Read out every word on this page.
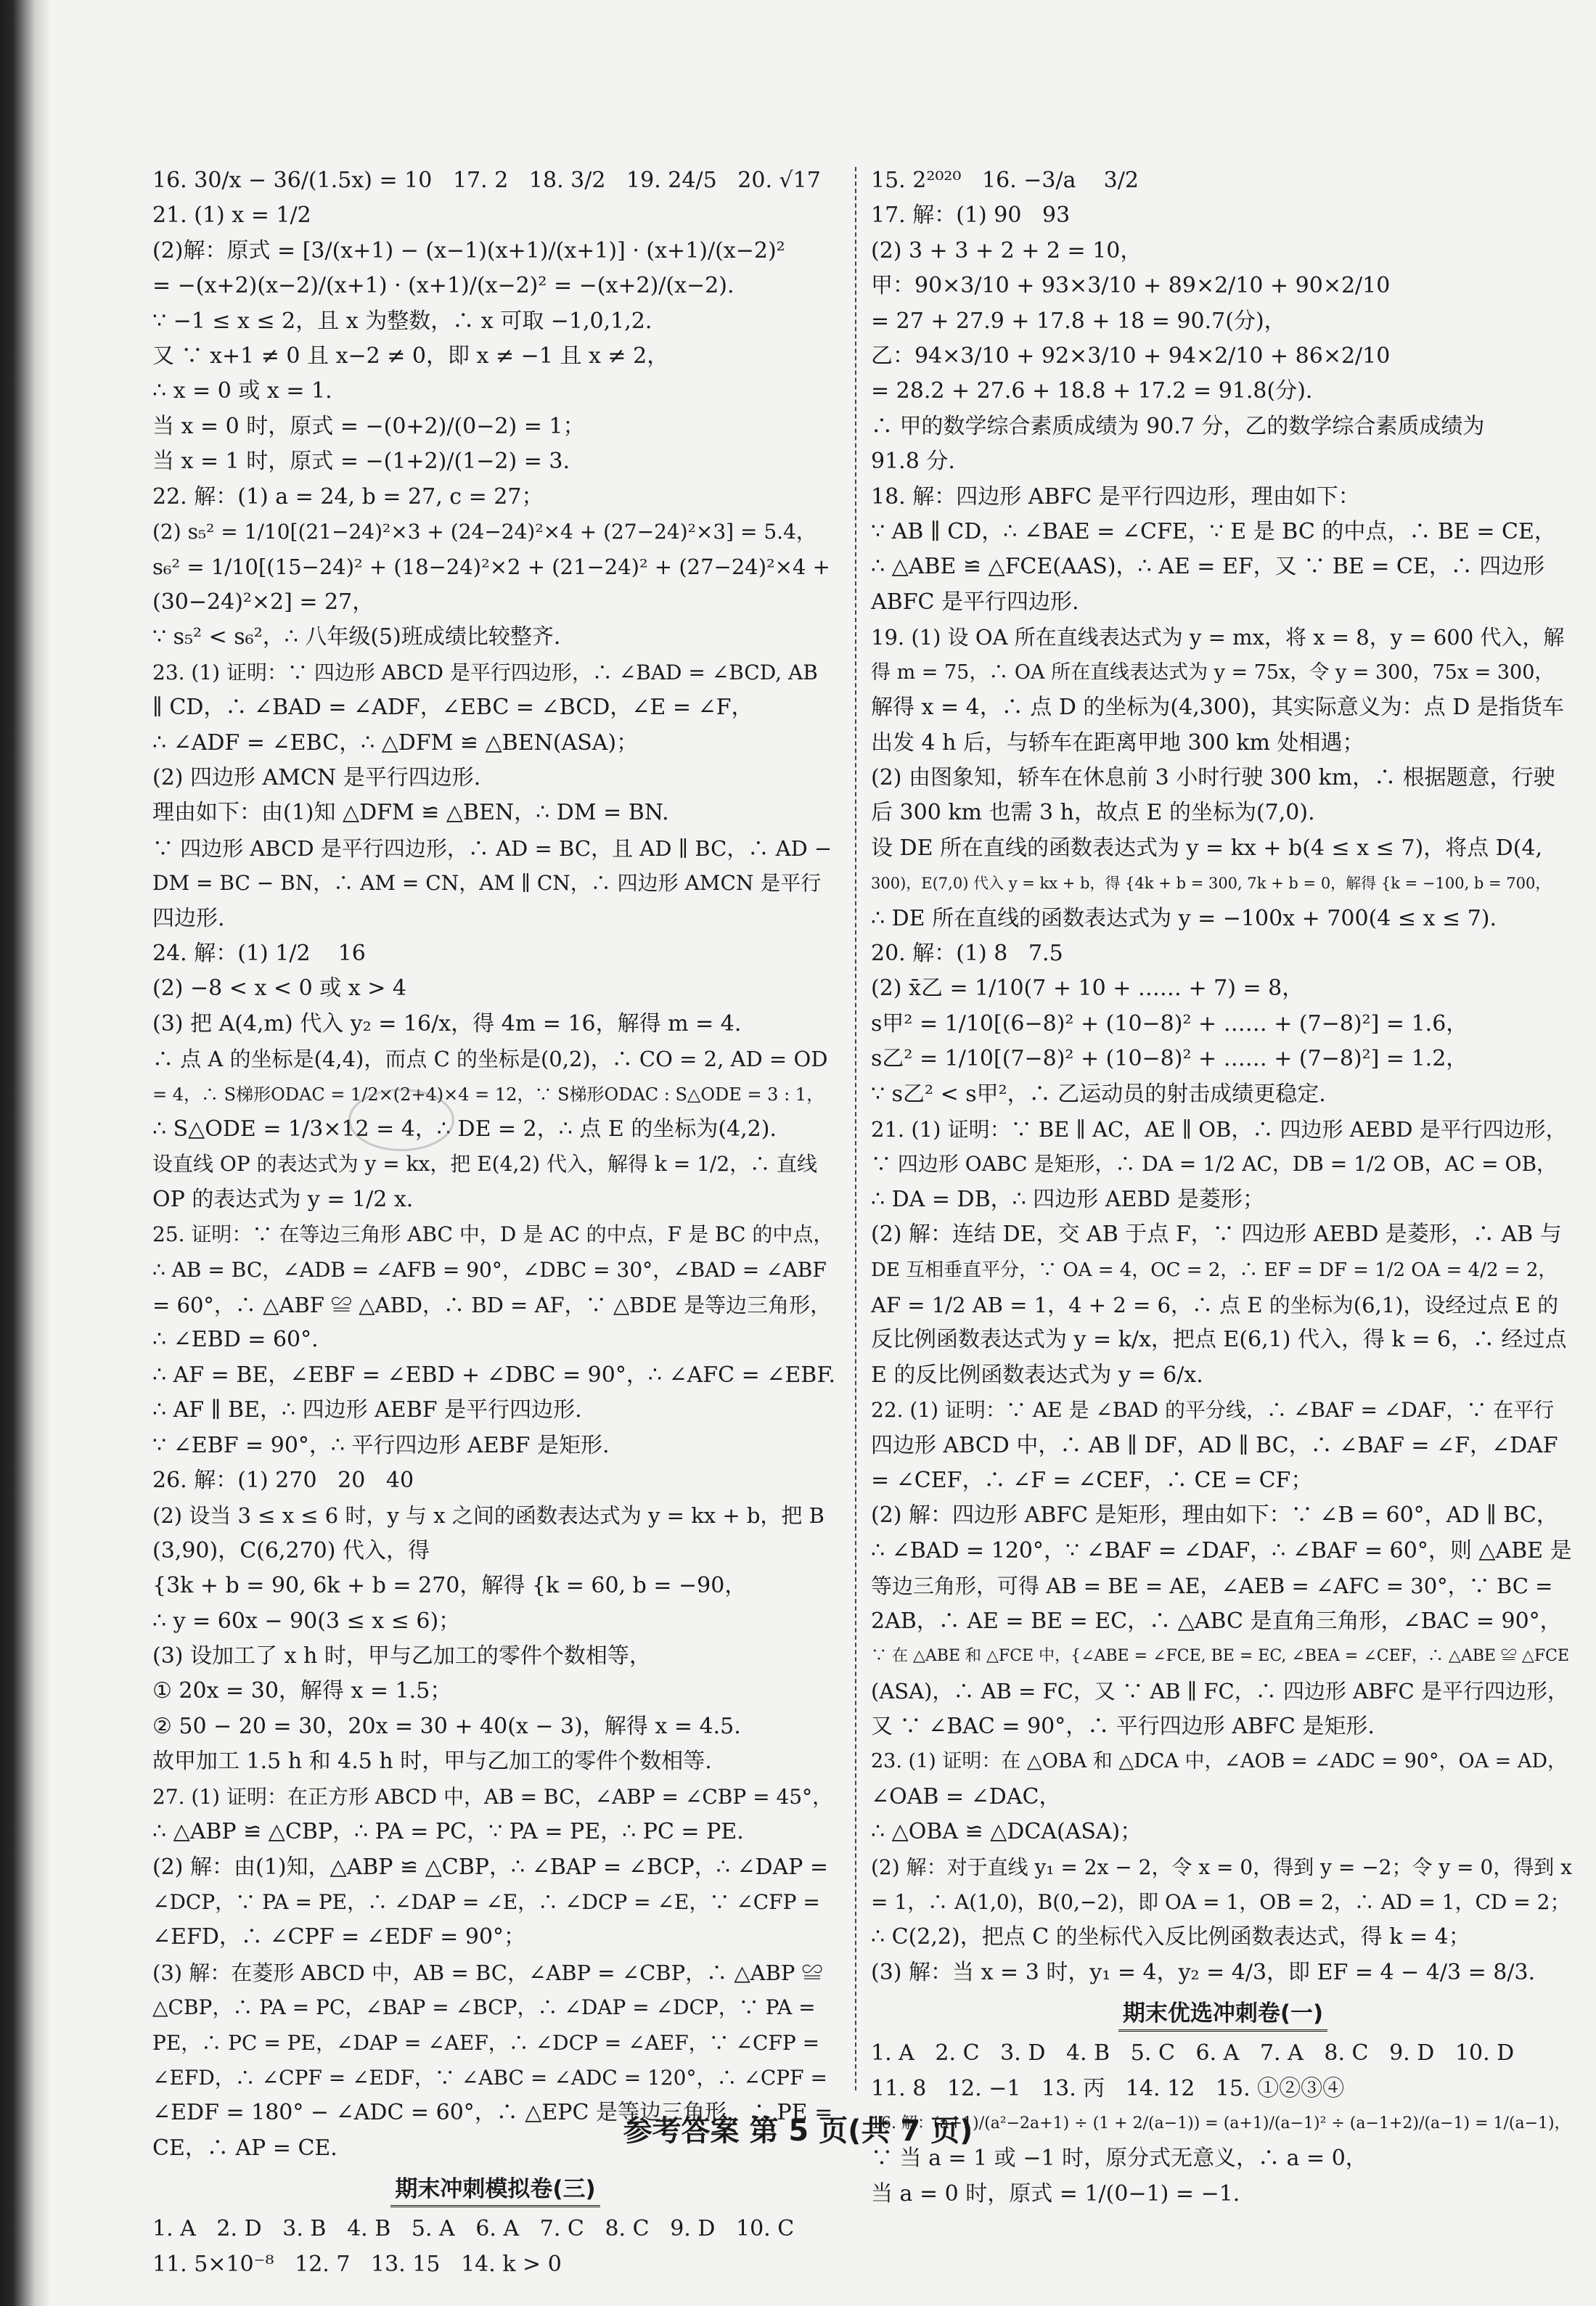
16. 30/x − 36/(1.5x) = 10   17. 2   18. 3/2   19. 24/5   20. √17
21. (1) x = 1/2
(2)解：原式 = [3/(x+1) − (x−1)(x+1)/(x+1)] · (x+1)/(x−2)²
= −(x+2)(x−2)/(x+1) · (x+1)/(x−2)² = −(x+2)/(x−2).
∵ −1 ≤ x ≤ 2，且 x 为整数，∴ x 可取 −1,0,1,2.
又 ∵ x+1 ≠ 0 且 x−2 ≠ 0，即 x ≠ −1 且 x ≠ 2，
∴ x = 0 或 x = 1.
当 x = 0 时，原式 = −(0+2)/(0−2) = 1；
当 x = 1 时，原式 = −(1+2)/(1−2) = 3.
22. 解：(1) a = 24, b = 27, c = 27；
(2) s₅² = 1/10[(21−24)²×3 + (24−24)²×4 + (27−24)²×3] = 5.4，
s₆² = 1/10[(15−24)² + (18−24)²×2 + (21−24)² + (27−24)²×4 +
(30−24)²×2] = 27，
∵ s₅² < s₆²，∴ 八年级(5)班成绩比较整齐.
23. (1) 证明：∵ 四边形 ABCD 是平行四边形，∴ ∠BAD = ∠BCD, AB
∥ CD，∴ ∠BAD = ∠ADF，∠EBC = ∠BCD，∠E = ∠F，
∴ ∠ADF = ∠EBC，∴ △DFM ≌ △BEN(ASA)；
(2) 四边形 AMCN 是平行四边形.
理由如下：由(1)知 △DFM ≌ △BEN，∴ DM = BN.
∵ 四边形 ABCD 是平行四边形，∴ AD = BC，且 AD ∥ BC，∴ AD −
DM = BC − BN，∴ AM = CN，AM ∥ CN，∴ 四边形 AMCN 是平行
四边形.
24. 解：(1) 1/2    16
(2) −8 < x < 0 或 x > 4
(3) 把 A(4,m) 代入 y₂ = 16/x，得 4m = 16，解得 m = 4.
∴ 点 A 的坐标是(4,4)，而点 C 的坐标是(0,2)，∴ CO = 2, AD = OD
= 4，∴ S梯形ODAC = 1/2×(2+4)×4 = 12，∵ S梯形ODAC : S△ODE = 3 : 1，
∴ S△ODE = 1/3×12 = 4，∴ DE = 2，∴ 点 E 的坐标为(4,2).
设直线 OP 的表达式为 y = kx，把 E(4,2) 代入，解得 k = 1/2，∴ 直线
OP 的表达式为 y = 1/2 x.
25. 证明：∵ 在等边三角形 ABC 中，D 是 AC 的中点，F 是 BC 的中点，
∴ AB = BC，∠ADB = ∠AFB = 90°，∠DBC = 30°，∠BAD = ∠ABF
= 60°，∴ △ABF ≌ △ABD，∴ BD = AF，∵ △BDE 是等边三角形，
∴ ∠EBD = 60°.
∴ AF = BE，∠EBF = ∠EBD + ∠DBC = 90°，∴ ∠AFC = ∠EBF.
∴ AF ∥ BE，∴ 四边形 AEBF 是平行四边形.
∵ ∠EBF = 90°，∴ 平行四边形 AEBF 是矩形.
26. 解：(1) 270   20   40
(2) 设当 3 ≤ x ≤ 6 时，y 与 x 之间的函数表达式为 y = kx + b，把 B
(3,90)，C(6,270) 代入，得
{3k + b = 90, 6k + b = 270，解得 {k = 60, b = −90，
∴ y = 60x − 90(3 ≤ x ≤ 6)；
(3) 设加工了 x h 时，甲与乙加工的零件个数相等，
① 20x = 30，解得 x = 1.5；
② 50 − 20 = 30，20x = 30 + 40(x − 3)，解得 x = 4.5.
故甲加工 1.5 h 和 4.5 h 时，甲与乙加工的零件个数相等.
27. (1) 证明：在正方形 ABCD 中，AB = BC，∠ABP = ∠CBP = 45°，
∴ △ABP ≌ △CBP，∴ PA = PC，∵ PA = PE，∴ PC = PE.
(2) 解：由(1)知，△ABP ≌ △CBP，∴ ∠BAP = ∠BCP，∴ ∠DAP =
∠DCP，∵ PA = PE，∴ ∠DAP = ∠E，∴ ∠DCP = ∠E，∵ ∠CFP =
∠EFD，∴ ∠CPF = ∠EDF = 90°；
(3) 解：在菱形 ABCD 中，AB = BC，∠ABP = ∠CBP，∴ △ABP ≌
△CBP，∴ PA = PC，∠BAP = ∠BCP，∴ ∠DAP = ∠DCP，∵ PA =
PE，∴ PC = PE，∠DAP = ∠AEF，∴ ∠DCP = ∠AEF，∵ ∠CFP =
∠EFD，∴ ∠CPF = ∠EDF，∵ ∠ABC = ∠ADC = 120°，∴ ∠CPF =
∠EDF = 180° − ∠ADC = 60°，∴ △EPC 是等边三角形，∴ PE =
CE，∴ AP = CE.
期末冲刺模拟卷(三)
1. A   2. D   3. B   4. B   5. A   6. A   7. C   8. C   9. D   10. C
11. 5×10⁻⁸   12. 7   13. 15   14. k > 0
15. 2²⁰²⁰   16. −3/a    3/2
17. 解：(1) 90   93
(2) 3 + 3 + 2 + 2 = 10，
甲：90×3/10 + 93×3/10 + 89×2/10 + 90×2/10
= 27 + 27.9 + 17.8 + 18 = 90.7(分)，
乙：94×3/10 + 92×3/10 + 94×2/10 + 86×2/10
= 28.2 + 27.6 + 18.8 + 17.2 = 91.8(分).
∴ 甲的数学综合素质成绩为 90.7 分，乙的数学综合素质成绩为
91.8 分.
18. 解：四边形 ABFC 是平行四边形，理由如下：
∵ AB ∥ CD，∴ ∠BAE = ∠CFE，∵ E 是 BC 的中点，∴ BE = CE，
∴ △ABE ≌ △FCE(AAS)，∴ AE = EF，又 ∵ BE = CE，∴ 四边形
ABFC 是平行四边形.
19. (1) 设 OA 所在直线表达式为 y = mx，将 x = 8，y = 600 代入，解
得 m = 75，∴ OA 所在直线表达式为 y = 75x，令 y = 300，75x = 300，
解得 x = 4，∴ 点 D 的坐标为(4,300)，其实际意义为：点 D 是指货车
出发 4 h 后，与轿车在距离甲地 300 km 处相遇；
(2) 由图象知，轿车在休息前 3 小时行驶 300 km，∴ 根据题意，行驶
后 300 km 也需 3 h，故点 E 的坐标为(7,0).
设 DE 所在直线的函数表达式为 y = kx + b(4 ≤ x ≤ 7)，将点 D(4,
300)，E(7,0) 代入 y = kx + b，得 {4k + b = 300, 7k + b = 0，解得 {k = −100, b = 700，
∴ DE 所在直线的函数表达式为 y = −100x + 700(4 ≤ x ≤ 7).
20. 解：(1) 8   7.5
(2) x̄乙 = 1/10(7 + 10 + …… + 7) = 8，
s甲² = 1/10[(6−8)² + (10−8)² + …… + (7−8)²] = 1.6，
s乙² = 1/10[(7−8)² + (10−8)² + …… + (7−8)²] = 1.2，
∵ s乙² < s甲²，∴ 乙运动员的射击成绩更稳定.
21. (1) 证明：∵ BE ∥ AC，AE ∥ OB，∴ 四边形 AEBD 是平行四边形，
∵ 四边形 OABC 是矩形，∴ DA = 1/2 AC，DB = 1/2 OB，AC = OB，
∴ DA = DB，∴ 四边形 AEBD 是菱形；
(2) 解：连结 DE，交 AB 于点 F，∵ 四边形 AEBD 是菱形，∴ AB 与
DE 互相垂直平分，∵ OA = 4，OC = 2，∴ EF = DF = 1/2 OA = 4/2 = 2，
AF = 1/2 AB = 1，4 + 2 = 6，∴ 点 E 的坐标为(6,1)，设经过点 E 的
反比例函数表达式为 y = k/x，把点 E(6,1) 代入，得 k = 6，∴ 经过点
E 的反比例函数表达式为 y = 6/x.
22. (1) 证明：∵ AE 是 ∠BAD 的平分线，∴ ∠BAF = ∠DAF，∵ 在平行
四边形 ABCD 中，∴ AB ∥ DF，AD ∥ BC，∴ ∠BAF = ∠F，∠DAF
= ∠CEF，∴ ∠F = ∠CEF，∴ CE = CF；
(2) 解：四边形 ABFC 是矩形，理由如下：∵ ∠B = 60°，AD ∥ BC，
∴ ∠BAD = 120°，∵ ∠BAF = ∠DAF，∴ ∠BAF = 60°，则 △ABE 是
等边三角形，可得 AB = BE = AE，∠AEB = ∠AFC = 30°，∵ BC =
2AB，∴ AE = BE = EC，∴ △ABC 是直角三角形，∠BAC = 90°，
∵ 在 △ABE 和 △FCE 中，{∠ABE = ∠FCE, BE = EC, ∠BEA = ∠CEF，∴ △ABE ≌ △FCE
(ASA)，∴ AB = FC，又 ∵ AB ∥ FC，∴ 四边形 ABFC 是平行四边形，
又 ∵ ∠BAC = 90°，∴ 平行四边形 ABFC 是矩形.
23. (1) 证明：在 △OBA 和 △DCA 中，∠AOB = ∠ADC = 90°，OA = AD，
∠OAB = ∠DAC，
∴ △OBA ≌ △DCA(ASA)；
(2) 解：对于直线 y₁ = 2x − 2，令 x = 0，得到 y = −2；令 y = 0，得到 x
= 1，∴ A(1,0)，B(0,−2)，即 OA = 1，OB = 2，∴ AD = 1，CD = 2；
∴ C(2,2)，把点 C 的坐标代入反比例函数表达式，得 k = 4；
(3) 解：当 x = 3 时，y₁ = 4，y₂ = 4/3，即 EF = 4 − 4/3 = 8/3.
期末优选冲刺卷(一)
1. A   2. C   3. D   4. B   5. C   6. A   7. A   8. C   9. D   10. D
11. 8   12. −1   13. 丙   14. 12   15. ①②③④
16. 解：(a+1)/(a²−2a+1) ÷ (1 + 2/(a−1)) = (a+1)/(a−1)² ÷ (a−1+2)/(a−1) = 1/(a−1)，
∵ 当 a = 1 或 −1 时，原分式无意义，∴ a = 0，
当 a = 0 时，原式 = 1/(0−1) = −1.
参考答案 第 5 页(共 7 页)
